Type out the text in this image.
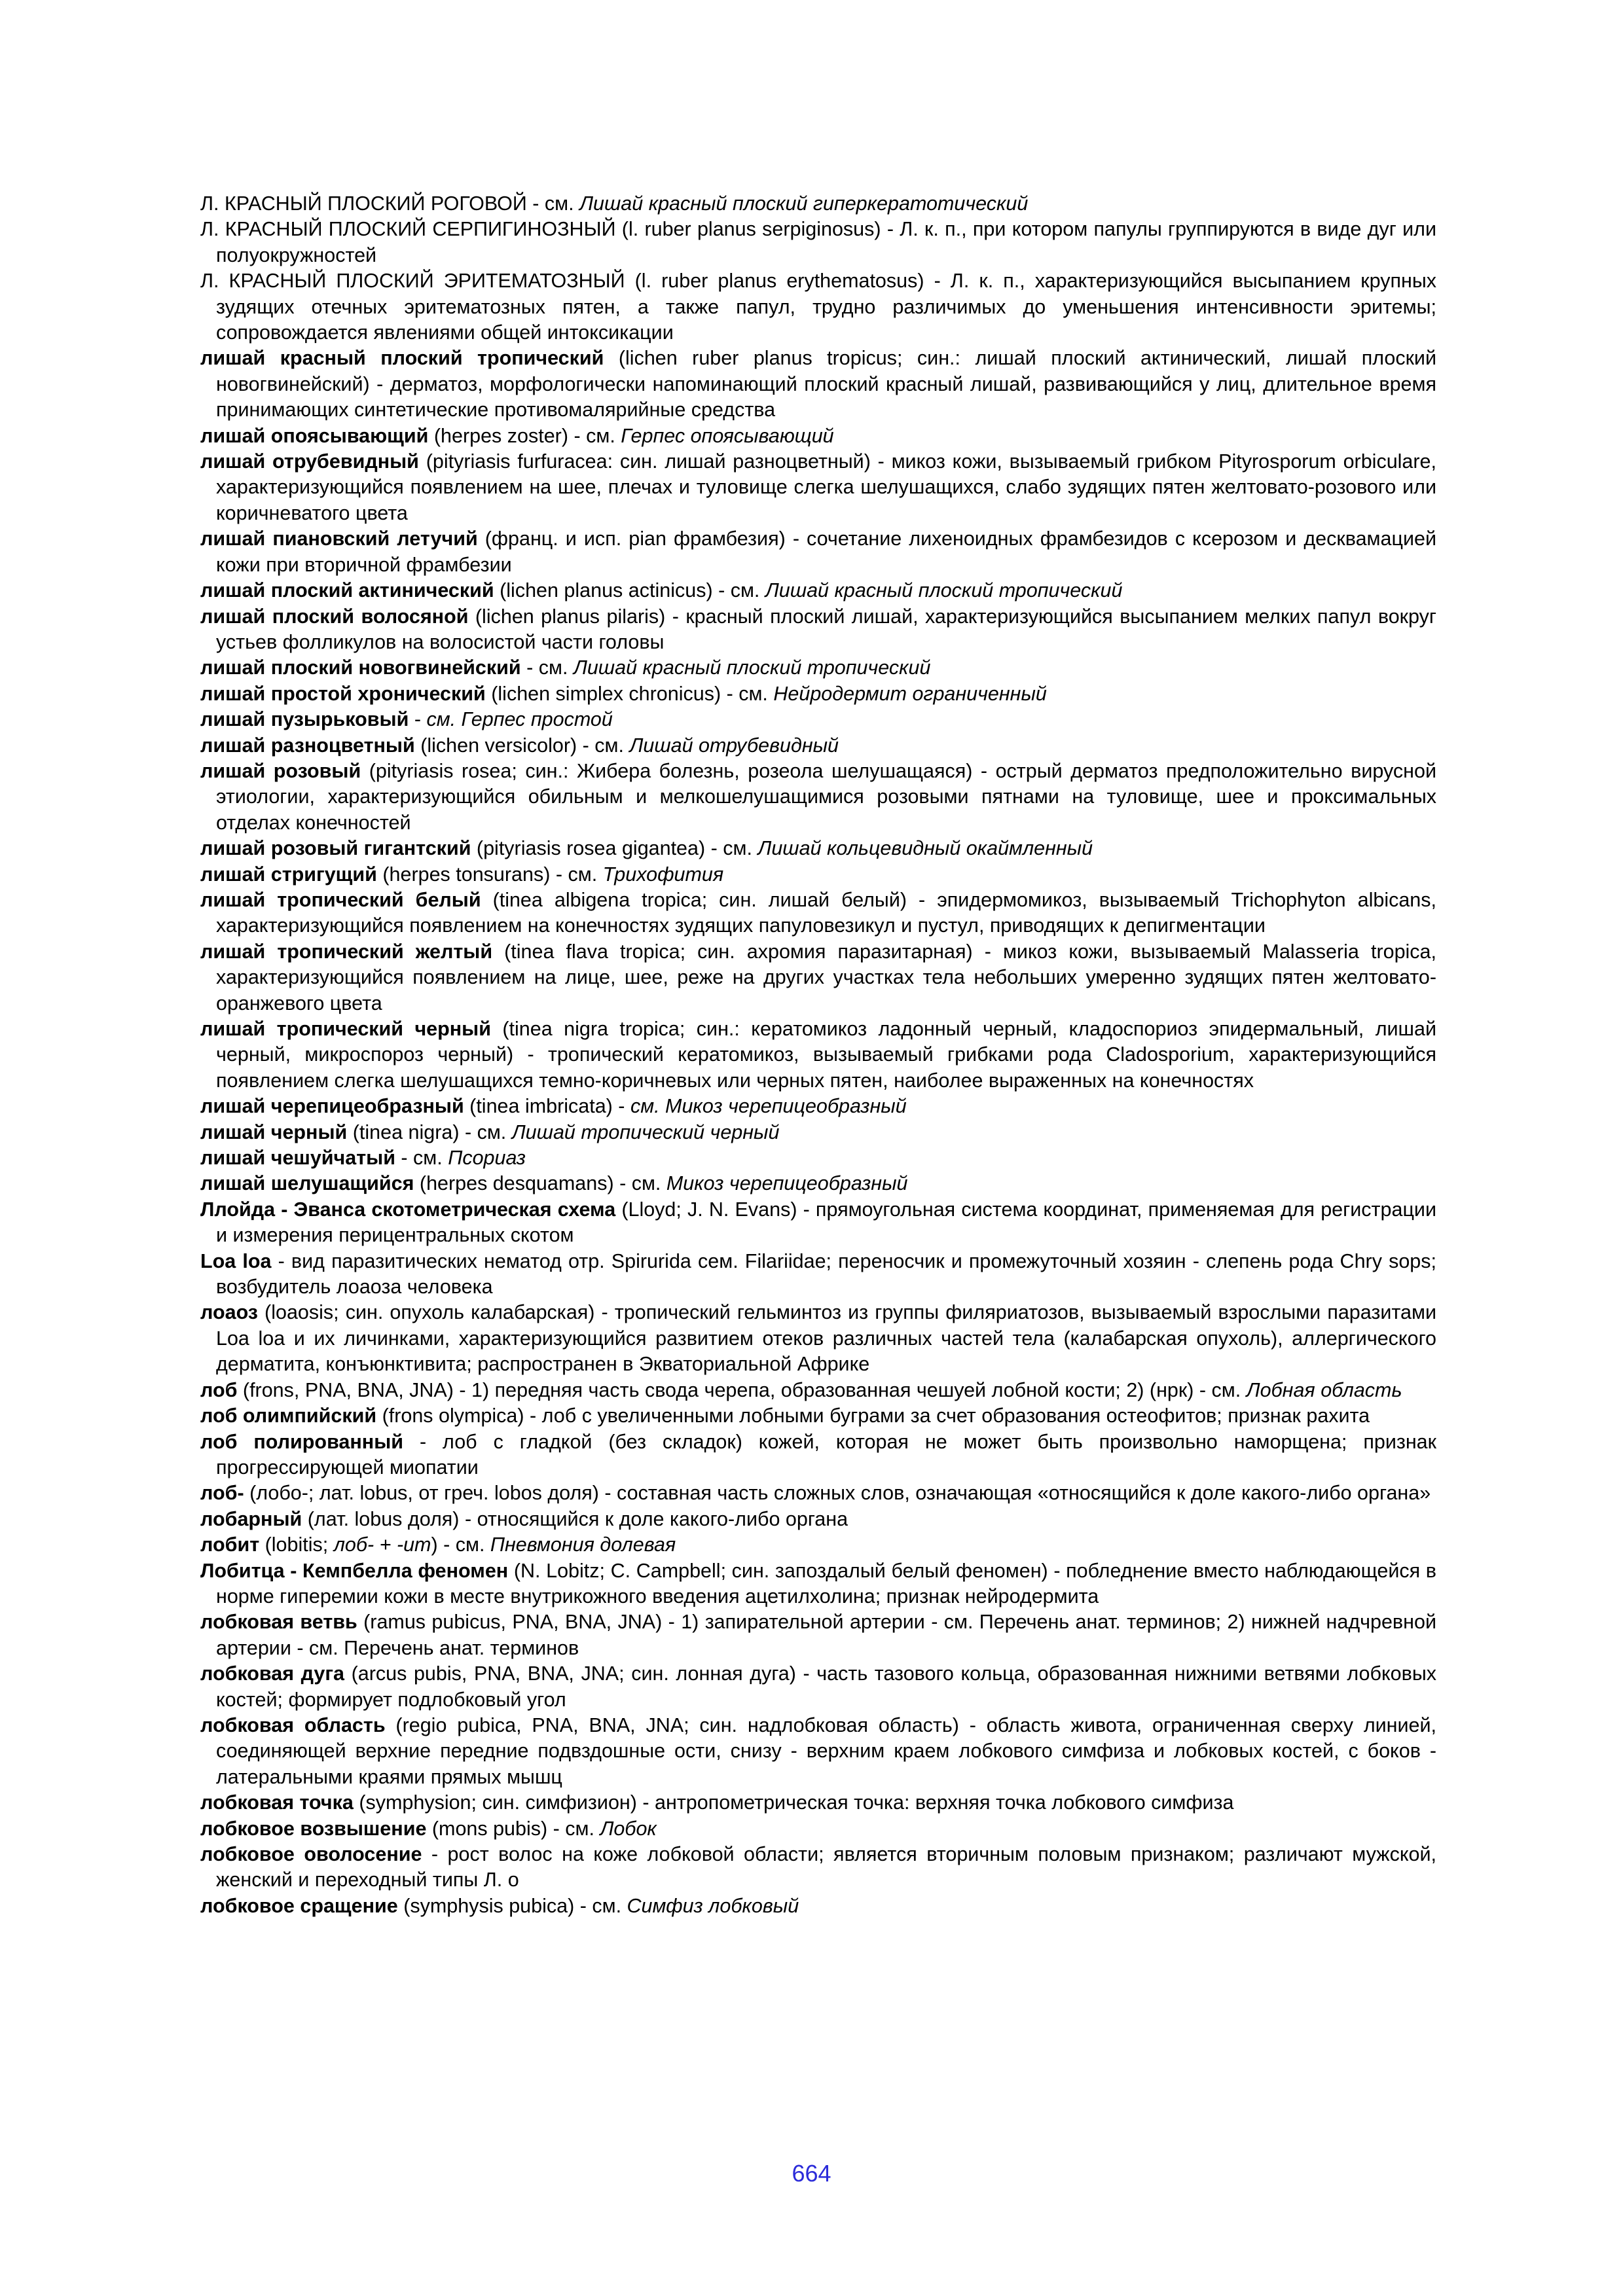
Л. КРАСНЫЙ ПЛОСКИЙ РОГОВОЙ - см. Лишай красный плоский гиперкератотический

Л. КРАСНЫЙ ПЛОСКИЙ СЕРПИГИНОЗНЫЙ (l. ruber planus serpiginosus) - Л. к. п., при котором папулы группируются в виде дуг или полуокружностей

Л. КРАСНЫЙ ПЛОСКИЙ ЭРИТЕМАТОЗНЫЙ (l. ruber planus erythematosus) - Л. к. п., характеризующийся высыпанием крупных зудящих отечных эритематозных пятен, а также папул, трудно различимых до уменьшения интенсивности эритемы; сопровождается явлениями общей интоксикации

лишай красный плоский тропический (lichen ruber planus tropicus; син.: лишай плоский актинический, лишай плоский новогвинейский) - дерматоз, морфологически напоминающий плоский красный лишай, развивающийся у лиц, длительное время принимающих синтетические противомалярийные средства

лишай опоясывающий (herpes zoster) - см. Герпес опоясывающий

лишай отрубевидный (pityriasis furfuracea: син. лишай разноцветный) - микоз кожи, вызываемый грибком Pityrosporum orbiculare, характеризующийся появлением на шее, плечах и туловище слегка шелушащихся, слабо зудящих пятен желтовато-розового или коричневатого цвета

лишай пиановский летучий (франц. и исп. pian фрамбезия) - сочетание лихеноидных фрамбезидов с ксерозом и десквамацией кожи при вторичной фрамбезии

лишай плоский актинический (lichen planus actinicus) - см. Лишай красный плоский тропический

лишай плоский волосяной (lichen planus pilaris) - красный плоский лишай, характеризующийся высыпанием мелких папул вокруг устьев фолликулов на волосистой части головы

лишай плоский новогвинейский - см. Лишай красный плоский тропический

лишай простой хронический (lichen simplex chronicus) - см. Нейродермит ограниченный

лишай пузырьковый - см. Герпес простой

лишай разноцветный (lichen versicolor) - см. Лишай отрубевидный

лишай розовый (pityriasis rosea; син.: Жибера болезнь, розеола шелушащаяся) - острый дерматоз предположительно вирусной этиологии, характеризующийся обильным и мелкошелушащимися розовыми пятнами на туловище, шее и проксимальных отделах конечностей

лишай розовый гигантский (pityriasis rosea gigantea) - см. Лишай кольцевидный окаймленный

лишай стригущий (herpes tonsurans) - см. Трихофития

лишай тропический белый (tinea albigena tropica; син. лишай белый) - эпидермомикоз, вызываемый Trichophyton albicans, характеризующийся появлением на конечностях зудящих папуловезикул и пустул, приводящих к депигментации

лишай тропический желтый (tinea flava tropica; син. ахромия паразитарная) - микоз кожи, вызываемый Malasseria tropica, характеризующийся появлением на лице, шее, реже на других участках тела небольших умеренно зудящих пятен желтовато-оранжевого цвета

лишай тропический черный (tinea nigra tropica; син.: кератомикоз ладонный черный, кладоспориоз эпидермальный, лишай черный, микроспороз черный) - тропический кератомикоз, вызываемый грибками рода Cladosporium, характеризующийся появлением слегка шелушащихся темно-коричневых или черных пятен, наиболее выраженных на конечностях

лишай черепицеобразный (tinea imbricata) - см. Микоз черепицеобразный

лишай черный (tinea nigra) - см. Лишай тропический черный

лишай чешуйчатый - см. Псориаз

лишай шелушащийся (herpes desquamans) - см. Микоз черепицеобразный

Ллойда - Эванса скотометрическая схема (Lloyd; J. N. Evans) - прямоугольная система координат, применяемая для регистрации и измерения перицентральных скотом

Loa loa - вид паразитических нематод отр. Spirurida сем. Filariidae; переносчик и промежуточный хозяин - слепень рода Chry sops; возбудитель лоаоза человека

лоаоз (loaosis; син. опухоль калабарская) - тропический гельминтоз из группы филяриатозов, вызываемый взрослыми паразитами Loa loa и их личинками, характеризующийся развитием отеков различных частей тела (калабарская опухоль), аллергического дерматита, конъюнктивита; распространен в Экваториальной Африке

лоб (frons, PNA, BNA, JNA) - 1) передняя часть свода черепа, образованная чешуей лобной кости; 2) (нрк) - см. Лобная область

лоб олимпийский (frons olympica) - лоб с увеличенными лобными буграми за счет образования остеофитов; признак рахита

лоб полированный - лоб с гладкой (без складок) кожей, которая не может быть произвольно наморщена; признак прогрессирующей миопатии

лоб- (лобо-; лат. lobus, от греч. lobos доля) - составная часть сложных слов, означающая «относящийся к доле какого-либо органа»

лобарный (лат. lobus доля) - относящийся к доле какого-либо органа

лобит (lobitis; лоб- + -ит) - см. Пневмония долевая

Лобитца - Кемпбелла феномен (N. Lobitz; С. Campbell; син. запоздалый белый феномен) - побледнение вместо наблюдающейся в норме гиперемии кожи в месте внутрикожного введения ацетилхолина; признак нейродермита

лобковая ветвь (ramus pubicus, PNA, BNA, JNA) - 1) запирательной артерии - см. Перечень анат. терминов; 2) нижней надчревной артерии - см. Перечень анат. терминов

лобковая дуга (arcus pubis, PNA, BNA, JNA; син. лонная дуга) - часть тазового кольца, образованная нижними ветвями лобковых костей; формирует подлобковый угол

лобковая область (regio pubica, PNA, BNA, JNA; син. надлобковая область) - область живота, ограниченная сверху линией, соединяющей верхние передние подвздошные ости, снизу - верхним краем лобкового симфиза и лобковых костей, с боков - латеральными краями прямых мышц

лобковая точка (symphysion; син. симфизион) - антропометрическая точка: верхняя точка лобкового симфиза

лобковое возвышение (mons pubis) - см. Лобок

лобковое оволосение - рост волос на коже лобковой области; является вторичным половым признаком; различают мужской, женский и переходный типы Л. о

лобковое сращение (symphysis pubica) - см. Симфиз лобковый

664
